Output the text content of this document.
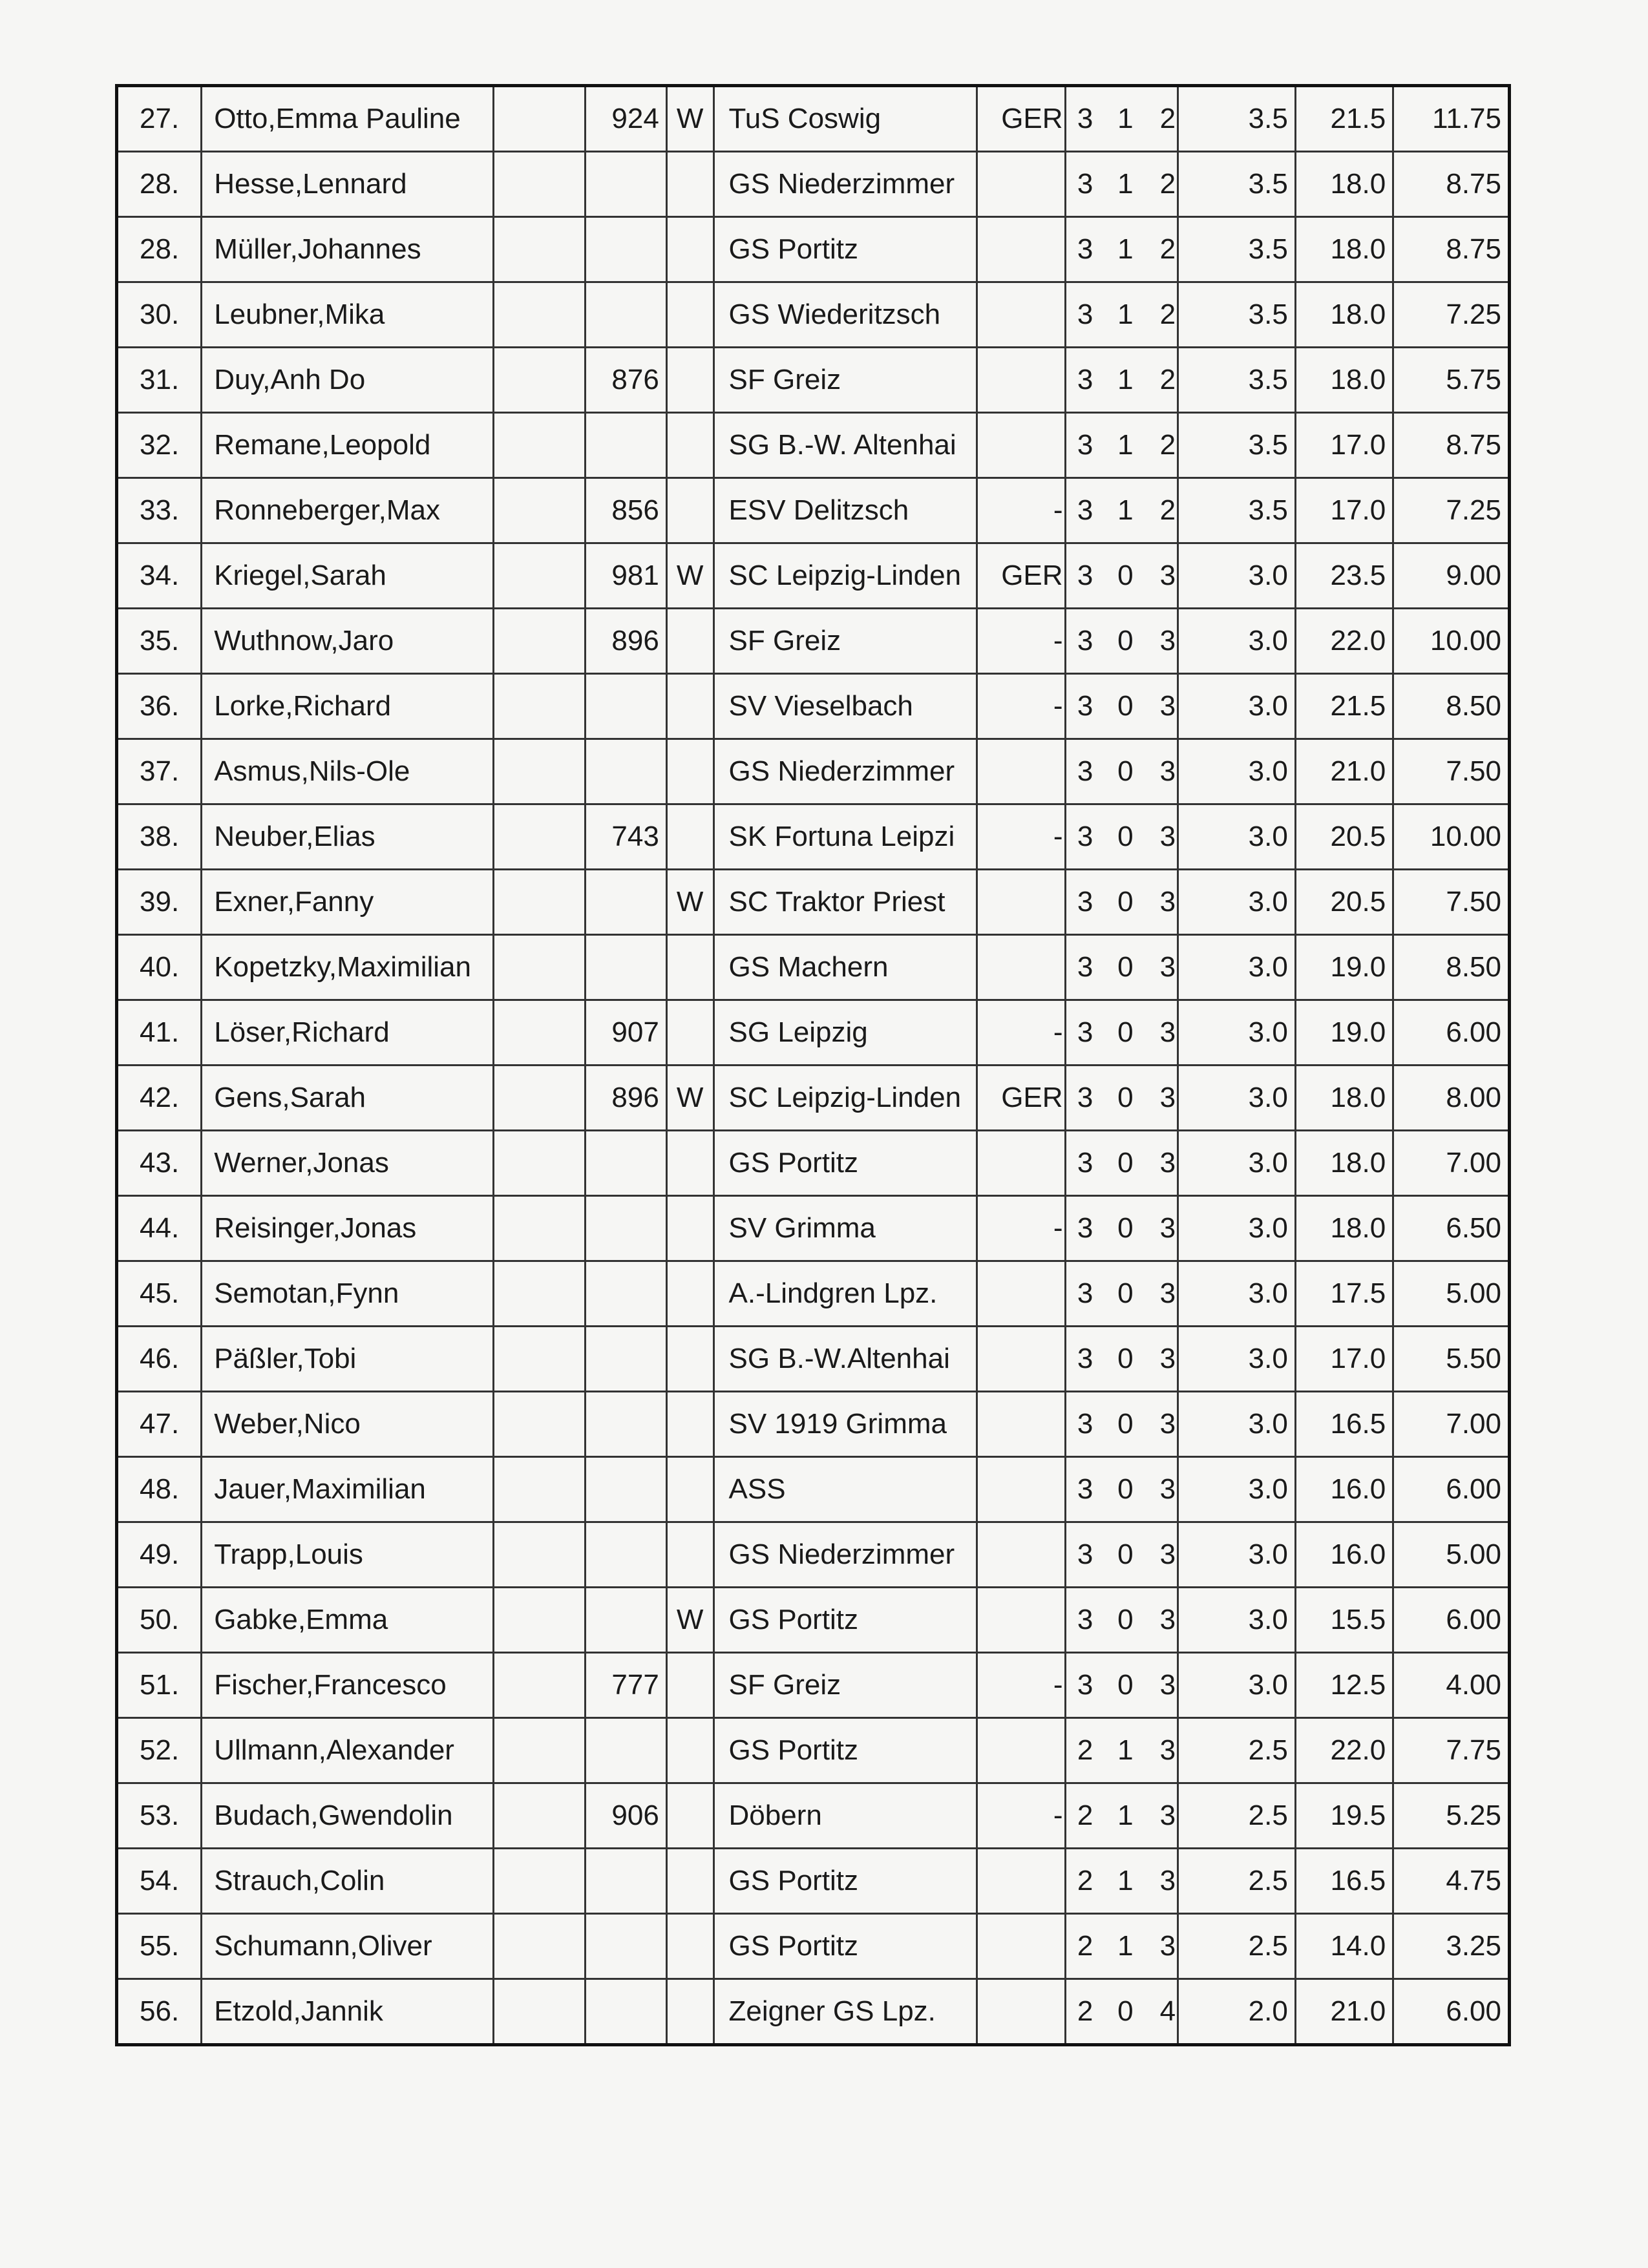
27.	Otto,Emma Pauline		924	W	TuS Coswig	GER	3	1	2	3.5	21.5	11.75
28.	Hesse,Lennard				GS Niederzimmer		3	1	2	3.5	18.0	8.75
28.	Müller,Johannes				GS Portitz		3	1	2	3.5	18.0	8.75
30.	Leubner,Mika				GS Wiederitzsch		3	1	2	3.5	18.0	7.25
31.	Duy,Anh Do		876		SF Greiz		3	1	2	3.5	18.0	5.75
32.	Remane,Leopold				SG B.-W. Altenhai		3	1	2	3.5	17.0	8.75
33.	Ronneberger,Max		856		ESV Delitzsch	-	3	1	2	3.5	17.0	7.25
34.	Kriegel,Sarah		981	W	SC Leipzig-Linden	GER	3	0	3	3.0	23.5	9.00
35.	Wuthnow,Jaro		896		SF Greiz	-	3	0	3	3.0	22.0	10.00
36.	Lorke,Richard				SV Vieselbach	-	3	0	3	3.0	21.5	8.50
37.	Asmus,Nils-Ole				GS Niederzimmer		3	0	3	3.0	21.0	7.50
38.	Neuber,Elias		743		SK Fortuna Leipzi	-	3	0	3	3.0	20.5	10.00
39.	Exner,Fanny			W	SC Traktor Priest		3	0	3	3.0	20.5	7.50
40.	Kopetzky,Maximilian				GS Machern		3	0	3	3.0	19.0	8.50
41.	Löser,Richard		907		SG Leipzig	-	3	0	3	3.0	19.0	6.00
42.	Gens,Sarah		896	W	SC Leipzig-Linden	GER	3	0	3	3.0	18.0	8.00
43.	Werner,Jonas				GS Portitz		3	0	3	3.0	18.0	7.00
44.	Reisinger,Jonas				SV Grimma	-	3	0	3	3.0	18.0	6.50
45.	Semotan,Fynn				A.-Lindgren Lpz.		3	0	3	3.0	17.5	5.00
46.	Päßler,Tobi				SG B.-W.Altenhai		3	0	3	3.0	17.0	5.50
47.	Weber,Nico				SV 1919 Grimma		3	0	3	3.0	16.5	7.00
48.	Jauer,Maximilian				ASS		3	0	3	3.0	16.0	6.00
49.	Trapp,Louis				GS Niederzimmer		3	0	3	3.0	16.0	5.00
50.	Gabke,Emma			W	GS Portitz		3	0	3	3.0	15.5	6.00
51.	Fischer,Francesco		777		SF Greiz	-	3	0	3	3.0	12.5	4.00
52.	Ullmann,Alexander				GS Portitz		2	1	3	2.5	22.0	7.75
53.	Budach,Gwendolin		906		Döbern	-	2	1	3	2.5	19.5	5.25
54.	Strauch,Colin				GS Portitz		2	1	3	2.5	16.5	4.75
55.	Schumann,Oliver				GS Portitz		2	1	3	2.5	14.0	3.25
56.	Etzold,Jannik				Zeigner GS Lpz.		2	0	4	2.0	21.0	6.00
